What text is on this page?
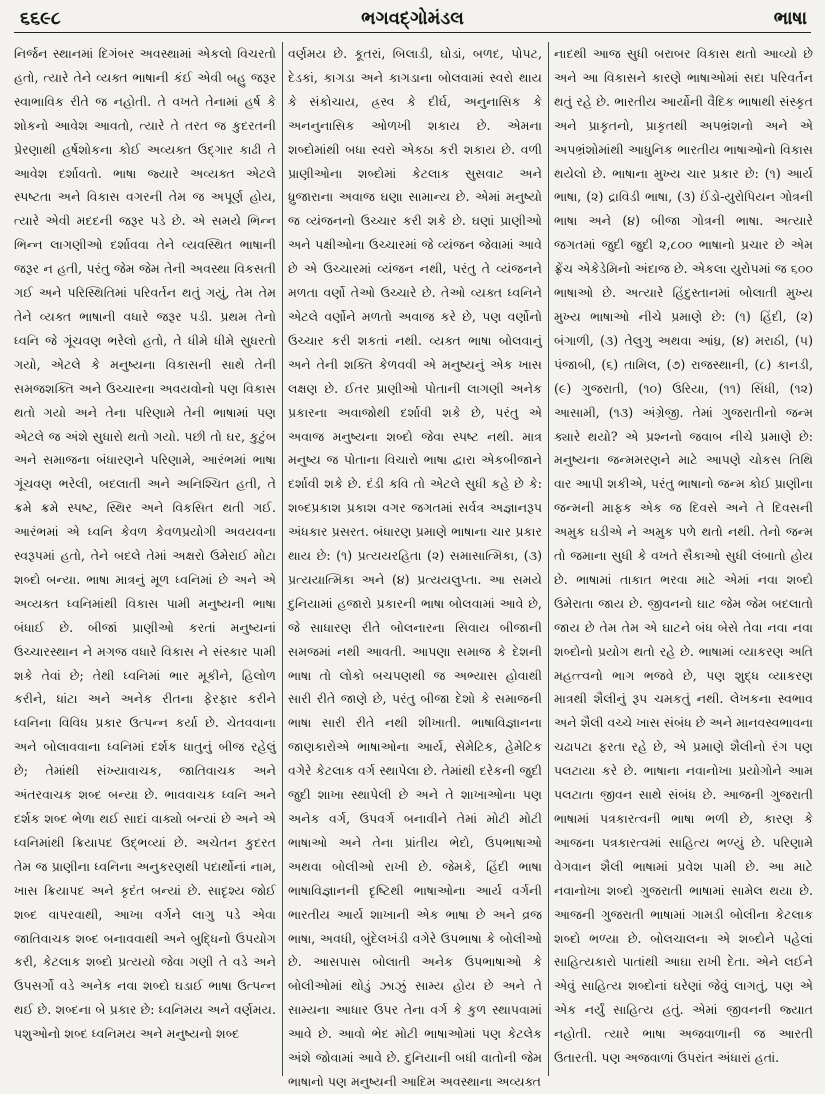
૬૬૯૮	ભગવદ્ગોમંડલ	ભાષા

નિર્જન સ્થાનમાં દિગંબર અવસ્થામાં એકલો વિચરતો હતો, ત્યારે તેને વ્યક્ત ભાષાની કંઈ એવી બહુ જરૂર સ્વાભાવિક રીતે જ નહોતી. તે વખતે તેનામાં હર્ષ કે શોકનો આવેશ આવતો, ત્યારે તે તરત જ કુદરતની પ્રેરણાથી હર્ષશોકના કોઈ અવ્યક્ત ઉદ્ગાર કાઢી તે આવેશ દર્શાવતો. ભાષા જ્યારે અવ્યક્ત એટલે સ્પષ્ટતા અને વિકાસ વગરની તેમ જ અપૂર્ણ હોય, ત્યારે એવી મદદની જરૂર પડે છે. એ સમયે ભિન્ન ભિન્ન લાગણીઓ દર્શાવવા તેને વ્યવસ્થિત ભાષાની જરૂર ન હતી, પરંતુ જેમ જેમ તેની અવસ્થા વિકસતી ગઈ અને પરિસ્થિતિમાં પરિવર્તન થતું ગયું, તેમ તેમ તેને વ્યક્ત ભાષાની વધારે જરૂર પડી. પ્રથમ તેનો ધ્વનિ જે ગૂંચવણ ભરેલો હતો, તે ધીમે ધીમે સુધરતો ગયો, એટલે કે મનુષ્યના વિકાસની સાથે તેની સમજશક્તિ અને ઉચ્ચારના અવયવોનો પણ વિકાસ થતો ગયો અને તેના પરિણામે તેની ભાષામાં પણ એટલે જ અંશે સુધારો થતો ગયો. પછી તો ઘર, કુટુંબ અને સમાજના બંધારણને પરિણામે, આરંભમાં ભાષા ગૂંચવણ ભરેલી, બદલાતી અને અનિશ્ચિત હતી, તે ક્રમે ક્રમે સ્પષ્ટ, સ્થિર અને વિકસિત થતી ગઈ. આરંભમાં એ ધ્વનિ કેવળ કેવળપ્રયોગી અવયવના સ્વરૂપમાં હતો, તેને બદલે તેમાં અક્ષરો ઉમેરાઈ મોટા શબ્દો બન્યા. ભાષા માત્રનું મૂળ ધ્વનિમાં છે અને એ અવ્યક્ત ધ્વનિમાંથી વિકાસ પામી મનુષ્યની ભાષા બંધાઈ છે. બીજાં પ્રાણીઓ કરતાં મનુષ્યનાં ઉચ્ચારસ્થાન ને મગજ વધારે વિકાસ ને સંસ્કાર પામી શકે તેવાં છે; તેથી ધ્વનિમાં ભાર મૂકીને, હિલોળ કરીને, ધાંટા અને અનેક રીતના ફેરફાર કરીને ધ્વનિના વિવિધ પ્રકાર ઉત્પન્ન કર્યા છે. ચેતવવાના અને બોલાવવાના ધ્વનિમાં દર્શક ધાતુનું બીજ રહેલું છે; તેમાંથી સંખ્યાવાચક, જાતિવાચક અને અંતરવાચક શબ્દ બન્યા છે. ભાવવાચક ધ્વનિ અને દર્શક શબ્દ ભેળા થઈ સાદાં વાક્યો બન્યાં છે અને એ ધ્વનિમાંથી ક્રિયાપદ ઉદ્ભવ્યાં છે. અચેતન કુદરત તેમ જ પ્રાણીના ધ્વનિના અનુકરણથી પદાર્થોનાં નામ, ખાસ ક્રિયાપદ અને કૃદંત બન્યાં છે. સાદૃશ્ય જોઈ શબ્દ વાપરવાથી, આખા વર્ગને લાગુ પડે એવા જાતિવાચક શબ્દ બનાવવાથી અને બુદ્ધિનો ઉપયોગ કરી, કેટલાક શબ્દો પ્રત્યયો જેવા ગણી તે વડે અને ઉપસર્ગો વડે અનેક નવા શબ્દો ઘડાઈ ભાષા ઉત્પન્ન થઈ છે. શબ્દના બે પ્રકાર છે: ધ્વનિમય અને વર્ણમય. પશુઓનો શબ્દ ધ્વનિમય અને મનુષ્યનો શબ્દ

વર્ણમય છે. કૂતરાં, બિલાડી, ઘોડાં, બળદ, પોપટ, દેડકાં, કાગડા અને કાગડાના બોલવામાં સ્વરો થાય કે સંકોચાય, હ્રસ્વ કે દીર્ઘ, અનુનાસિક કે અનનુનાસિક ઓળખી શકાય છે. એમના શબ્દોમાંથી બધા સ્વરો એકઠા કરી શકાય છે. વળી પ્રાણીઓના શબ્દોમાં કેટલાક સુસવાટ અને ધ્રુજારાના અવાજ ઘણા સામાન્ય છે. એમાં મનુષ્યો જ વ્યંજનનો ઉચ્ચાર કરી શકે છે. ઘણાં પ્રાણીઓ અને પક્ષીઓના ઉચ્ચારમાં જે વ્યંજન જેવામાં આવે છે એ ઉચ્ચારમાં વ્યંજન નથી, પરંતુ તે વ્યંજનને મળતા વર્ણો તેઓ ઉચ્ચારે છે. તેઓ વ્યક્ત ધ્વનિને એટલે વર્ણોને મળતો અવાજ કરે છે, પણ વર્ણોનો ઉચ્ચાર કરી શકતાં નથી. વ્યક્ત ભાષા બોલવાનું અને તેની શક્તિ કેળવવી એ મનુષ્યનું એક ખાસ લક્ષણ છે. ઈતર પ્રાણીઓ પોતાની લાગણી અનેક પ્રકારના અવાજોથી દર્શાવી શકે છે, પરંતુ એ અવાજ મનુષ્યના શબ્દો જેવા સ્પષ્ટ નથી. માત્ર મનુષ્ય જ પોતાના વિચારો ભાષા દ્વારા એકબીજાને દર્શાવી શકે છે. દંડી કવિ તો એટલે સુધી કહે છે કે: શબ્દપ્રકાશ પ્રકાશ વગર જગતમાં સર્વત્ર અજ્ઞાનરૂપ અંધકાર પ્રસરત. બંધારણ પ્રમાણે ભાષાના ચાર પ્રકાર થાય છે: (૧) પ્રત્યયરહિતા (૨) સમાસાત્મિકા, (૩) પ્રત્યયાત્મિકા અને (૪) પ્રત્યયલુપ્તા. આ સમયે દુનિયામાં હજારો પ્રકારની ભાષા બોલવામાં આવે છે, જે સાધારણ રીતે બોલનારના સિવાય બીજાની સમજમાં નથી આવતી. આપણા સમાજ કે દેશની ભાષા તો લોકો બચપણથી જ અભ્યાસ હોવાથી સારી રીતે જાણે છે, પરંતુ બીજા દેશો કે સમાજની ભાષા સારી રીતે નથી શીખાતી. ભાષાવિજ્ઞાનના જાણકારોએ ભાષાઓના આર્ય, સેમેટિક, હેમેટિક વગેરે કેટલાક વર્ગ સ્થાપેલા છે. તેમાંથી દરેકની જુદી જુદી શાખા સ્થાપેલી છે અને તે શાખાઓના પણ અનેક વર્ગ, ઉપવર્ગ બનાવીને તેમાં મોટી મોટી ભાષાઓ અને તેના પ્રાંતીય ભેદો, ઉપભાષાઓ અથવા બોલીઓ રાખી છે. જેમકે, હિંદી ભાષા ભાષાવિજ્ઞાનની દૃષ્ટિથી ભાષાઓના આર્ય વર્ગની ભારતીય આર્ય શાખાની એક ભાષા છે અને વ્રજ ભાષા, અવધી, બુંદેલખંડી વગેરે ઉપભાષા કે બોલીઓ છે. આસપાસ બોલાતી અનેક ઉપભાષાઓ કે બોલીઓમાં થોડું ઝાઝું સામ્ય હોય છે અને તે સામ્યના આધાર ઉપર તેના વર્ગ કે કુળ સ્થાપવામાં આવે છે. આવો ભેદ મોટી ભાષાઓમાં પણ કેટલેક અંશે જોવામાં આવે છે. દુનિયાની બધી વાતોની જેમ ભાષાનો પણ મનુષ્યની આદિમ અવસ્થાના અવ્યક્ત

નાદથી આજ સુધી બરાબર વિકાસ થતો આવ્યો છે અને આ વિકાસને કારણે ભાષાઓમાં સદા પરિવર્તન થતું રહે છે. ભારતીય આર્યોની વૈદિક ભાષાથી સંસ્કૃત અને પ્રાકૃતનો, પ્રાકૃતથી અપભ્રંશનો અને એ અપભ્રંશોમાંથી આધુનિક ભારતીય ભાષાઓનો વિકાસ થયેલો છે. ભાષાના મુખ્ય ચાર પ્રકાર છે: (૧) આર્ય ભાષા, (૨) દ્રાવિડી ભાષા, (૩) ઈંડો-યુરોપિયન ગોત્રની ભાષા અને (૪) બીજા ગોત્રની ભાષા. અત્યારે જગતમાં જુદી જુદી ૨,૮૦૦ ભાષાનો પ્રચાર છે એમ ફ્રેંચ એકેડેમિનો અંદાજ છે. એકલા યુરોપમાં જ ૬૦૦ ભાષાઓ છે. અત્યારે હિંદુસ્તાનમાં બોલાતી મુખ્ય મુખ્ય ભાષાઓ નીચે પ્રમાણે છે: (૧) હિંદી, (૨) બંગાળી, (૩) તેલુગુ અથવા આંધ્ર, (૪) મરાઠી, (૫) પંજાબી, (૬) તામિલ, (૭) રાજસ્થાની, (૮) કાનડી, (૯) ગુજરાતી, (૧૦) ઉરિયા, (૧૧) સિંધી, (૧૨) આસામી, (૧૩) અંગ્રેજી. તેમાં ગુજરાતીનો જન્મ ક્યારે થયો? એ પ્રશ્નનો જવાબ નીચે પ્રમાણે છે: મનુષ્યના જન્મમરણને માટે આપણે ચોકસ તિથિ વાર આપી શકીએ, પરંતુ ભાષાનો જન્મ કોઈ પ્રાણીના જન્મની માફક એક જ દિવસે અને તે દિવસની અમુક ઘડીએ ને અમુક પળે થતો નથી. તેનો જન્મ તો જમાના સુધી કે વખતે સૈકાઓ સુધી લંબાતો હોય છે. ભાષામાં તાકાત ભરવા માટે એમાં નવા શબ્દો ઉમેરાતા જાય છે. જીવનનો ઘાટ જેમ જેમ બદલાતો જાય છે તેમ તેમ એ ઘાટને બંધ બેસે તેવા નવા નવા શબ્દોનો પ્રયોગ થતો રહે છે. ભાષામાં વ્યાકરણ અતિ મહત્ત્વનો ભાગ ભજવે છે, પણ શુદ્ધ વ્યાકરણ માત્રથી શૈલીનું રૂપ ચમકતું નથી. લેખકના સ્વભાવ અને શૈલી વચ્ચે ખાસ સંબંધ છે અને માનવસ્વભાવના ચઢાપટા ફરતા રહે છે, એ પ્રમાણે શૈલીનો રંગ પણ પલટાયા કરે છે. ભાષાના નવાનોખા પ્રયોગોને આમ પલટાતા જીવન સાથે સંબંધ છે. આજની ગુજરાતી ભાષામાં પત્રકારત્વની ભાષા ભળી છે, કારણ કે આજના પત્રકારત્વમાં સાહિત્ય ભળ્યું છે. પરિણામે વેગવાન શૈલી ભાષામાં પ્રવેશ પામી છે. આ માટે નવાનોખા શબ્દો ગુજરાતી ભાષામાં સામેલ થયા છે. આજની ગુજરાતી ભાષામાં ગામડી બોલીના કેટલાક શબ્દો ભળ્યા છે. બોલચાલના એ શબ્દોને પહેલાં સાહિત્યકારો પાતાંથી આઘા રાખી દેતા. એને લઈને એવું સાહિત્ય શબ્દોનાં ઘરેણાં જેવું લાગતું, પણ એ એક નર્યું સાહિત્ય હતું. એમાં જીવનની જ્યાત નહોતી. ત્યારે ભાષા અજવાળાની જ આરતી ઉતારતી. પણ અજવાળાં ઉપરાંત અંધારાં હતાં.
